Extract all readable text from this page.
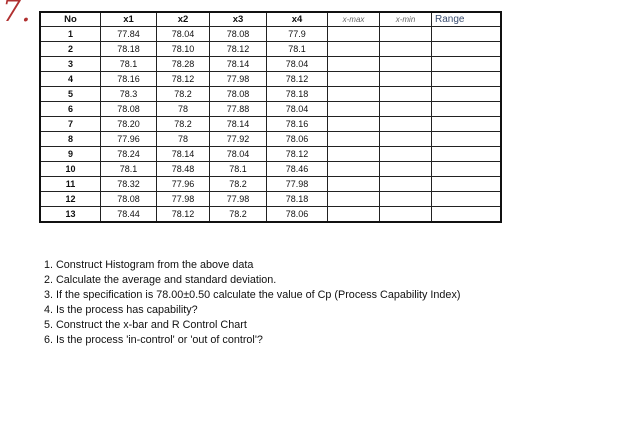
7.	No	x1	x2	x3	x4	x-max	x-min	Range
1	77.84	78.04	78.08	77.9			
2	78.18	78.10	78.12	78.1			
3	78.1	78.28	78.14	78.04			
4	78.16	78.12	77.98	78.12			
5	78.3	78.2	78.08	78.18			
6	78.08	78	77.88	78.04			
7	78.20	78.2	78.14	78.16			
8	77.96	78	77.92	78.06			
9	78.24	78.14	78.04	78.12			
10	78.1	78.48	78.1	78.46			
11	78.32	77.96	78.2	77.98			
12	78.08	77.98	77.98	78.18			
13	78.44	78.12	78.2	78.06			
1. Construct Histogram from the above data
2. Calculate the average and standard deviation.
3. If the specification is 78.00±0.50 calculate the value of Cp (Process Capability Index)
4. Is the process has capability?
5. Construct the x-bar and R Control Chart
6. Is the process 'in-control' or 'out of control'?
